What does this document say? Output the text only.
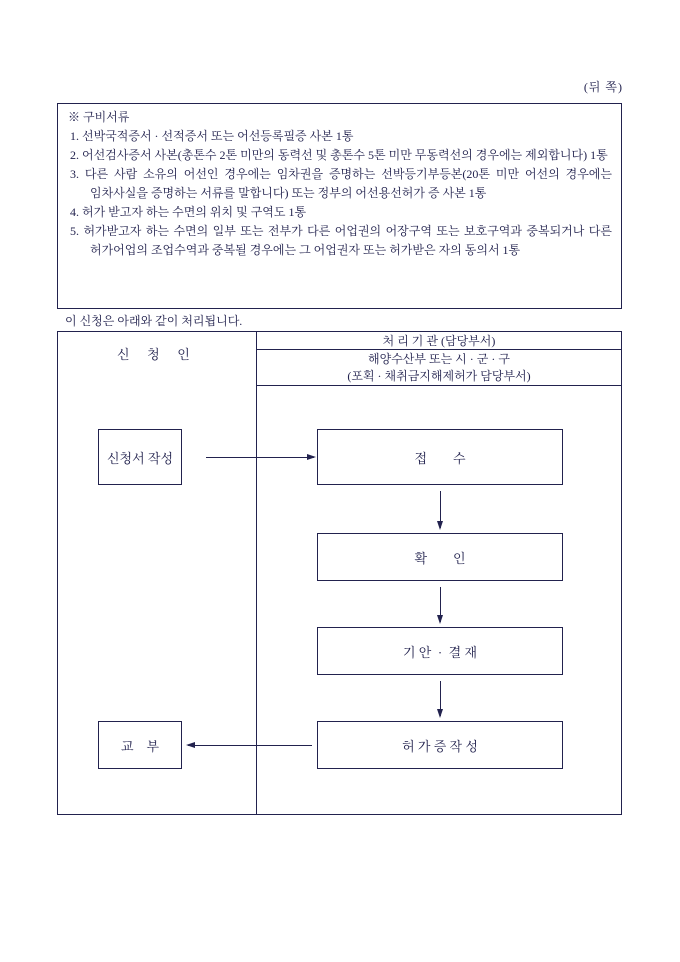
(뒤 쪽)
※ 구비서류
1. 선박국적증서 · 선적증서 또는 어선등록필증 사본 1통
2. 어선검사증서 사본(총톤수 2톤 미만의 동력선 및 총톤수 5톤 미만 무동력선의 경우에는 제외합니다) 1통
3. 다른 사람 소유의 어선인 경우에는 임차권을 증명하는 선박등기부등본(20톤 미만 어선의 경우에는 임차사실을 증명하는 서류를 말합니다) 또는 정부의 어선용선허가 증 사본 1통
4. 허가 받고자 하는 수면의 위치 및 구역도 1통
5. 허가받고자 하는 수면의 일부 또는 전부가 다른 어업권의 어장구역 또는 보호구역과 중복되거나 다른 허가어업의 조업수역과 중복될 경우에는 그 어업권자 또는 허가받은 자의 동의서 1통
이 신청은 아래와 같이 처리됩니다.
신 청 인
처 리 기 관 (담당부서)
해양수산부 또는 시 · 군 · 구
(포획 · 채취금지해제허가 담당부서)
신청서 작성	접        수
확        인
기 안  ·  결 재
허 가 증 작 성
교    부
